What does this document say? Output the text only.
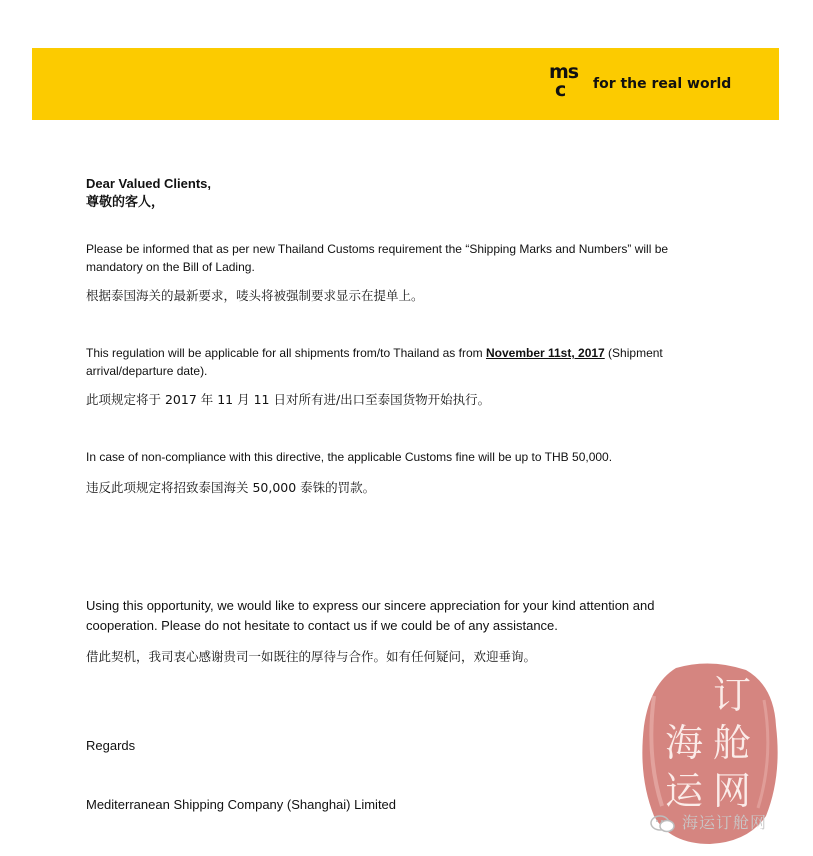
ms
c for the real world
Dear Valued Clients,
尊敬的客人，
Please be informed that as per new Thailand Customs requirement the “Shipping Marks and Numbers” will be mandatory on the Bill of Lading.
根据泰国海关的最新要求，唛头将被强制要求显示在提单上。
This regulation will be applicable for all shipments from/to Thailand as from November 11st, 2017 (Shipment arrival/departure date).
此项规定将于 2017 年 11 月 11 日对所有进/出口至泰国货物开始执行。
In case of non-compliance with this directive, the applicable Customs fine will be up to THB 50,000.
违反此项规定将招致泰国海关 50,000 泰铢的罚款。
Using this opportunity, we would like to express our sincere appreciation for your kind attention and cooperation. Please do not hesitate to contact us if we could be of any assistance.
借此契机，我司衷心感谢贵司一如既往的厚待与合作。如有任何疑问，欢迎垂询。
Regards
Mediterranean Shipping Company (Shanghai) Limited
订
舱
网
海
运
海运订舱网
